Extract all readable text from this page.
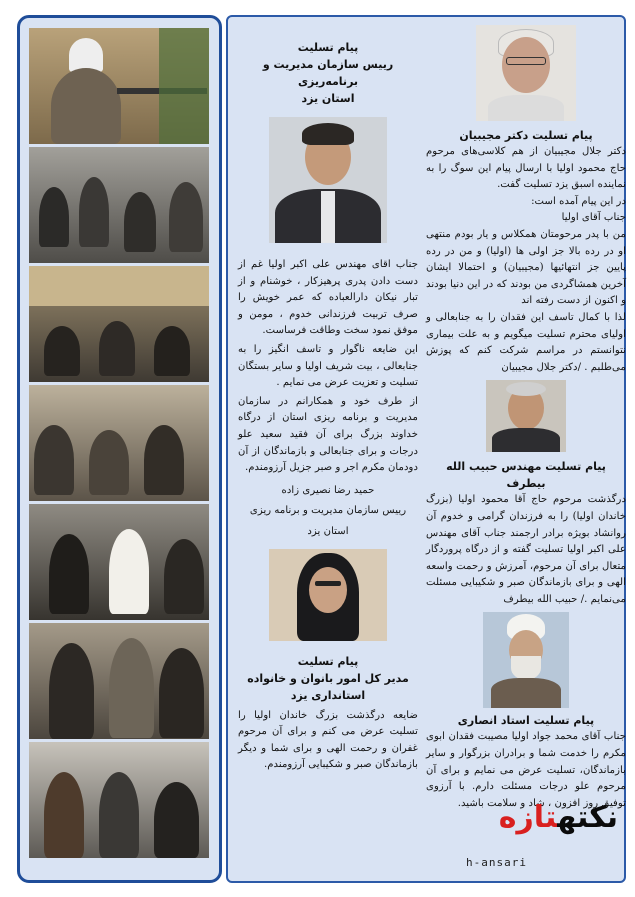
پیام تسلیت
رییس سازمان مدیریت و برنامه‌ریزی
استان یزد
جناب اقای مهندس علی اکبر اولیا غم از دست دادن پدری پرهیزکار ، خوشنام و از تبار نیکان دارالعباده که عمر خویش را صرف تربیت فرزندانی خدوم ، مومن و موفق نمود سخت وطاقت فرساست.
این ضایعه ناگوار و تاسف انگیز را به جنابعالی ، بیت شریف اولیا و سایر بستگان تسلیت و تعزیت عرض می نمایم .
از طرف خود و همکارانم در سازمان مدیریت و برنامه ریزی استان از درگاه خداوند بزرگ برای آن فقید سعید علو درجات و برای جنابعالی و بازماندگان از آن دودمان مکرم اجر و صبر جزیل آرزومندم.
حمید رضا نصیری زاده
رییس سازمان مدیریت و برنامه ریزی
استان یزد
پیام تسلیت
مدیر کل امور بانوان و خانواده
استانداری یزد
ضایعه درگذشت بزرگ خاندان اولیا را تسلیت عرض می کنم و برای آن مرحوم غفران و رحمت الهی و برای شما و دیگر بازماندگان صبر و شکیبایی آرزومندم.
پیام تسلیت دکتر مجیبیان
دکتر جلال مجیبیان از هم کلاسی‌های مرحوم حاج محمود اولیا با ارسال پیام این سوگ را به نماینده اسبق یزد تسلیت گفت.
در این پیام آمده است:
جناب آقای اولیا
من با پدر مرحومتان همکلاس و یار بودم منتهی او در رده بالا جز اولی ها (اولیا) و من در رده پایین جز انتهائیها (مجیبیان) و احتمالا ایشان آخرین همشاگردی من بودند که در این دنیا بودند و اکنون از دست رفته اند
لذا با کمال تاسف این فقدان را به جنابعالی و اولیای محترم تسلیت میگویم و به علت بیماری نتوانستم در مراسم شرکت کنم که پوزش می‌طلبم . /دکتر جلال مجیبیان
پیام تسلیت مهندس حبیب الله بیطرف
درگذشت مرحوم حاج آقا محمود اولیا (بزرگ خاندان اولیا) را به فرزندان گرامی و خدوم آن روانشاد بویژه برادر ارجمند جناب آقای مهندس علی اکبر اولیا تسلیت گفته و از درگاه پروردگار متعال برای آن مرحوم، آمرزش و رحمت واسعه الهی و برای بازماندگان صبر و شکیبایی مسئلت می‌نمایم ./ حبیب الله بیطرف
پیام تسلیت استاد انصاری
جناب آقای محمد جواد اولیا مصیبت فقدان ابوی مکرم را خدمت شما و برادران بزرگوار و سایر بازماندگان، تسلیت عرض می نمایم و برای آن مرحوم علو درجات مسئلت دارم. با آرزوی توفیق روز افزون ، شاد و سلامت باشید.
نکتهتازه
h-ansari
